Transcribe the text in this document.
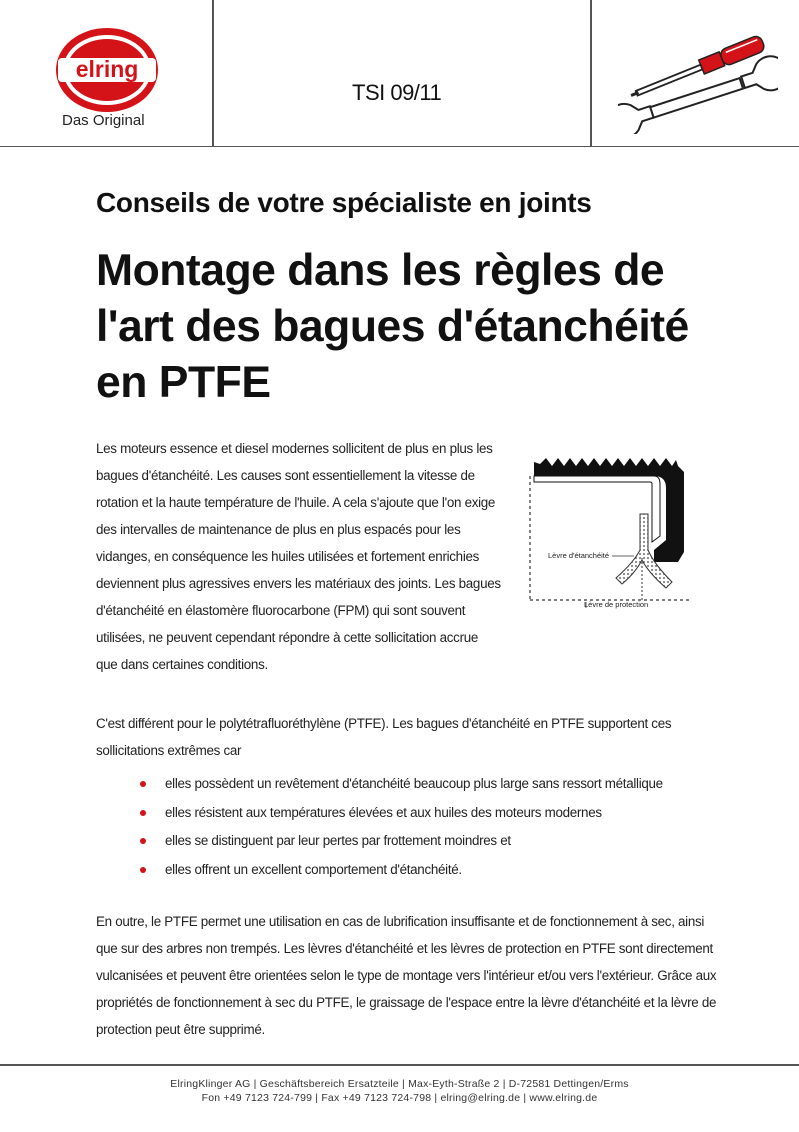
elring
Das Original
TSI 09/11
Conseils de votre spécialiste en joints
Montage dans les règles de l'art des bagues d'étanchéité en PTFE
Les moteurs essence et diesel modernes sollicitent de plus en plus les bagues d'étanchéité. Les causes sont essentiellement la vitesse de rotation et la haute température de l'huile. A cela s'ajoute que l'on exige des intervalles de maintenance de plus en plus espacés pour les vidanges, en conséquence les huiles utilisées et fortement enrichies deviennent plus agressives envers les matériaux des joints. Les bagues d'étanchéité en élastomère fluorocarbone (FPM) qui sont souvent utilisées, ne peuvent cependant répondre à cette sollicitation accrue que dans certaines conditions.
Lèvre d'étanchéité
Lèvre de protection
C'est différent pour le polytétrafluoréthylène (PTFE). Les bagues d'étanchéité en PTFE supportent ces sollicitations extrêmes car
elles possèdent un revêtement d'étanchéité beaucoup plus large sans ressort métallique
elles résistent aux températures élevées et aux huiles des moteurs modernes
elles se distinguent par leur pertes par frottement moindres et
elles offrent un excellent comportement d'étanchéité.
En outre, le PTFE permet une utilisation en cas de lubrification insuffisante et de fonctionnement à sec, ainsi que sur des arbres non trempés. Les lèvres d'étanchéité et les lèvres de protection en PTFE sont directement vulcanisées et peuvent être orientées selon le type de montage vers l'intérieur et/ou vers l'extérieur. Grâce aux propriétés de fonctionnement à sec du PTFE, le graissage de l'espace entre la lèvre d'étanchéité et la lèvre de protection peut être supprimé.
ElringKlinger AG | Geschäftsbereich Ersatzteile | Max-Eyth-Straße 2 | D-72581 Dettingen/Erms
Fon +49 7123 724-799 | Fax +49 7123 724-798 | elring@elring.de | www.elring.de
